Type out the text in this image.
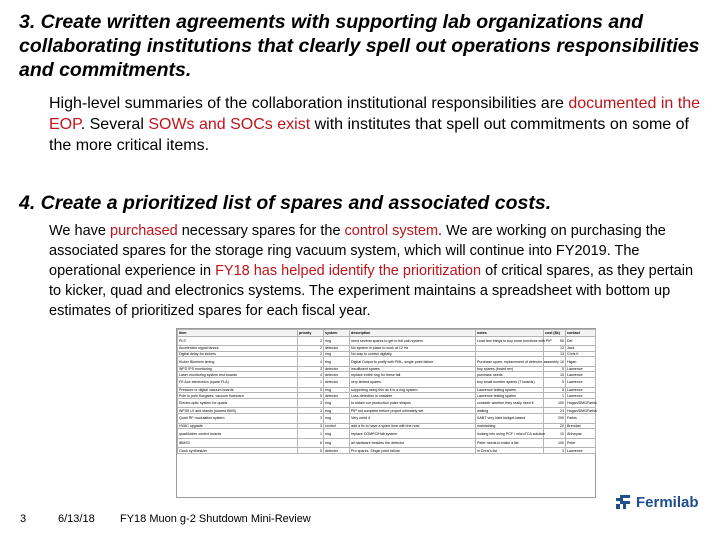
3. Create written agreements with supporting lab organizations and collaborating institutions that clearly spell out operations responsibilities and commitments.
High-level summaries of the collaboration institutional responsibilities are documented in the EOP. Several SOWs and SOCs exist with institutes that spell out commitments on some of the more critical items.
4. Create a prioritized list of spares and associated costs.
We have purchased necessary spares for the control system. We are working on purchasing the associated spares for the storage ring vacuum system, which will continue into FY2019. The operational experience in FY18 has helped identify the prioritization of critical spares, as they pertain to kicker, quad and electronics systems. The experiment maintains a spreadsheet with bottom up estimates of prioritized spares for each fiscal year.
Item	priority	system	description	notes	cost ($k)	contact
PLS	2	ring	need several spares to get to full calo system	Lead few things to buy more functions with PIP	50	Del
Accelerator signal fanout	2	detector	No system in place to work at 12 Hz		13	Jack
Digital delay for kickers	2	ring	No way to control digitally		13	Chris K
Kicker Blumlein timing	4	ring	Digital Output to purify with PML, single point failure	Purchase spare, replacement of detector. assembly	10	Higan
WFD IPS monitoring	3	detector	insufficient spares	buy spares (board rev)	5	Lawrence
Laser monitoring system test boards	4	detector	replace entire ring for these fail	purchase needs	15	Lawrence
FE Aux electronics (spare FLA)	1	detector	very limited spares	buy small number spares (7 boards)	5	Lawrence
Pressure or digital vacuum boards	5	ring	supporting using this as it is a ring system	Lawrence testing spares	5	Lawrence
Pole to pole fluxgates, vacuum fluxboard	5	detector	Loss detection is unstable	Lawrence testing spares	1	Lawrence
Electro-optic system for quads	3	ring	to obtain our production pulse shapes	consider whether they really need it	100	Hogan/DMGFarkis
WFD5 LV and stands (shared BMS)	3	ring	PIP not complete before project ultimately set	waiting	23	Hogan/DMGFarkis
Quad RF modulation system	3	ring	Very need it	SABT very hard budget-based	200	Farkis
HVAC upgrade	3	control	add a fix to have a spare time with the host	maintaining	20	Brendan
quad/kicker control boards	1	ring	replace COMPC/Hdb system	looking into using PCF / microTCA solution	10	Ahlseyas
IBMS3	6	ring	all hardware besides the detector	Peter needs to make a list	100	Peter
Clock synthesizer	5	detector	Pro spares. Single point failure	in Chris's list	3	Lawrence
3	6/13/18 FY18 Muon g-2 Shutdown Mini-Review
Fermilab
